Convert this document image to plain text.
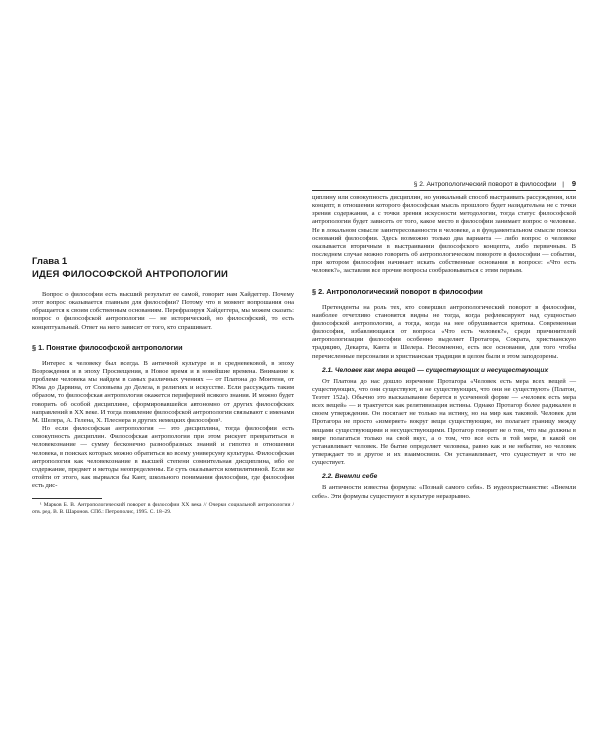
§ 2. Антропологический поворот в философии | 9
Глава 1
ИДЕЯ ФИЛОСОФСКОЙ АНТРОПОЛОГИИ

Вопрос о философии есть высший результат ее самой, говорит нам Хайдеггер. Почему этот вопрос оказывается главным для философии? Потому что в момент вопрошания она обращается к своим собственным основаниям. Перефразируя Хайдеггера, мы можем сказать: вопрос о философской антропологии — не исторический, но философский, то есть концептуальный. Ответ на него зависит от того, кто спрашивает.

§ 1. Понятие философской антропологии

Интерес к человеку был всегда. В античной культуре и в средневековой, в эпоху Возрождения и в эпоху Просвещения, в Новое время и в новейшие времена. Внимание к проблеме человека мы найдем в самых различных учениях — от Платона до Монтеня, от Юма до Дарвина, от Соловьева до Делеза, в религиях и искусстве. Если рассуждать таким образом, то философская антропология окажется периферией всякого знания. И можно будет говорить об особой дисциплине, сформировавшейся автономно от других философских направлений в XX веке. И тогда появление философской антропологии связывают с именами М. Шелера, А. Гелена, Х. Плеснера и других немецких философов¹.

Но если философская антропология — это дисциплина, тогда философии есть совокупность дисциплин. Философская антропология при этом рискует превратиться в человекознание — сумму бесконечно разнообразных знаний и гипотез в отношении человека, в поисках которых можно обратиться ко всему универсуму культуры. Философская антропология как человекознание в высшей степени сомнительная дисциплина, ибо ее содержание, предмет и методы неопределенны. Ее суть оказывается компилятивной. Если же отойти от этого, как вырвался бы Кант, школьного понимания философии, где философия есть дис-

¹ Марков Б. В. Антропологический поворот в философии XX века // Очерки социальной антропологии / отв. ред. В. В. Шаронов. СПб.: Петрополис, 1995. С. 18–29.

циплину или совокупность дисциплин, но уникальный способ выстраивать рассуждения, или концепт, в отношении которого философская мысль прошлого будет назидательна не с точки зрения содержания, а с точки зрения искусности методологии, тогда статус философской антропологии будет зависеть от того, какое место в философии занимает вопрос о человеке. Не в локальном смысле заинтересованности в человеке, а в фундаментальном смысле поиска оснований философии. Здесь возможно только два варианта — либо вопрос о человеке оказывается вторичным в выстраивании философского концепта, либо первичным. В последнем случае можно говорить об антропологическом повороте в философии — событии, при котором философия начинает искать собственные основания в вопросе: «Что есть человек?», заставляя все прочие вопросы сообразовываться с этим первым.

§ 2. Антропологический поворот в философии

Претенденты на роль тех, кто совершил антропологический поворот в философии, наиболее отчетливо становятся видны не тогда, когда рефлексируют над сущностью философской антропологии, а тогда, когда на нее обрушивается критика. Современная философия, избавляющаяся от вопроса «Что есть человек?», среди причинителей антропологизации философии особенно выделяет Протагора, Сократа, христианскую традицию, Декарта, Канта и Шелера. Несомненно, есть все основания, для того чтобы перечисленные персоналии и христианская традиция в целом были в этом заподозрены.

2.1. Человек как мера вещей — существующих и несуществующих

От Платона до нас дошло изречение Протагора «Человек есть мера всех вещей — существующих, что они существуют, и не существующих, что они не существуют» (Платон, Теэтет 152а). Обычно это высказывание берется в усеченной форме — «человек есть мера всех вещей» — и трактуется как релятивизация истины. Однако Протагор более радикален в своем утверждении. Он посягает не только на истину, но на мир как таковой. Человек для Протагора не просто «измеряет» вокруг вещи существующие, но полагает границу между вещами существующими и несуществующими. Протагор говорит не о том, что мы должны в мире полагаться только на свой вкус, а о том, что все есть в той мере, в какой он устанавливает человек. Не бытие определяет человека, равно как и не небытие, но человек утверждает то и другое и их взаимосвязи. Он устанавливает, что существует и что не существует.

2.2. Внемли себе

В античности известна формула: «Познай самого себя». В иудеохристианстве: «Внемли себе». Эти формулы существуют в культуре неразрывно.
